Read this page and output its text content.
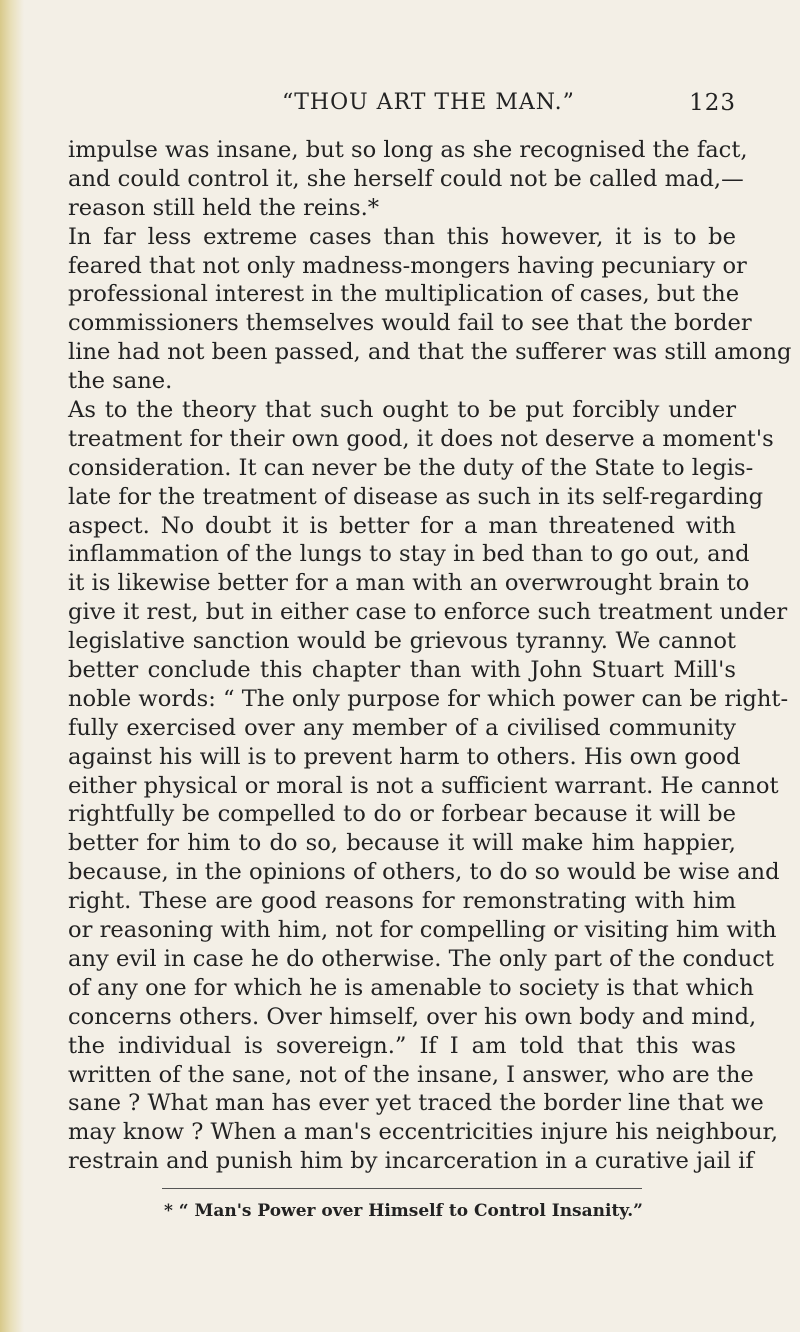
“THOU ART THE MAN.”	123
impulse was insane, but so long as she recognised the fact,
and could control it, she herself could not be called mad,—
reason still held the reins.*
In far less extreme cases than this however, it is to be
feared that not only madness-mongers having pecuniary or
professional interest in the multiplication of cases, but the
commissioners themselves would fail to see that the border
line had not been passed, and that the sufferer was still among
the sane.
As to the theory that such ought to be put forcibly under
treatment for their own good, it does not deserve a moment's
consideration. It can never be the duty of the State to legis-
late for the treatment of disease as such in its self-regarding
aspect. No doubt it is better for a man threatened with
inflammation of the lungs to stay in bed than to go out, and
it is likewise better for a man with an overwrought brain to
give it rest, but in either case to enforce such treatment under
legislative sanction would be grievous tyranny. We cannot
better conclude this chapter than with John Stuart Mill's
noble words: “ The only purpose for which power can be right-
fully exercised over any member of a civilised community
against his will is to prevent harm to others. His own good
either physical or moral is not a sufficient warrant. He cannot
rightfully be compelled to do or forbear because it will be
better for him to do so, because it will make him happier,
because, in the opinions of others, to do so would be wise and
right. These are good reasons for remonstrating with him
or reasoning with him, not for compelling or visiting him with
any evil in case he do otherwise. The only part of the conduct
of any one for which he is amenable to society is that which
concerns others. Over himself, over his own body and mind,
the individual is sovereign.” If I am told that this was
written of the sane, not of the insane, I answer, who are the
sane ? What man has ever yet traced the border line that we
may know ? When a man's eccentricities injure his neighbour,
restrain and punish him by incarceration in a curative jail if
* “ Man's Power over Himself to Control Insanity.”
